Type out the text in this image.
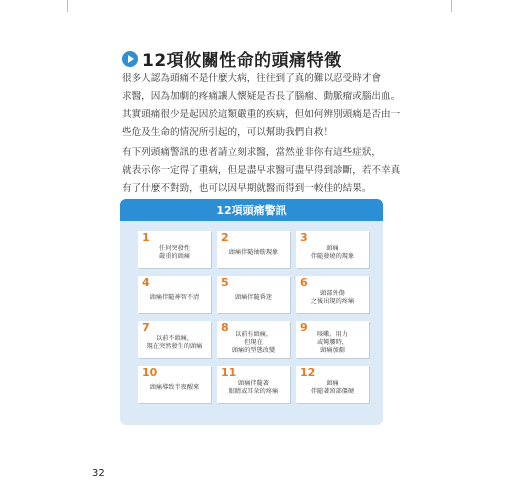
12項攸關性命的頭痛特徵

很多人認為頭痛不是什麼大病，往往到了真的難以忍受時才會

求醫，因為加劇的疼痛讓人懷疑是否長了腦瘤、動脈瘤或腦出血。

其實頭痛很少是起因於這類嚴重的疾病，但如何辨別頭痛是否由一

些危及生命的情況所引起的，可以幫助我們自救！

有下列頭痛警訊的患者請立刻求醫，當然並非你有這些症狀，

就表示你一定得了重病，但是盡早求醫可盡早得到診斷，若不幸真

有了什麼不對勁，也可以因早期就醫而得到一較佳的結果。

12項頭痛警訊
1
任何突發性
嚴重的頭痛
2
頭痛伴隨抽筋現象
3
頭痛
伴隨發燒的現象
4
頭痛伴隨神智不清
5
頭痛伴隨昏迷
6
頭部外傷
之後出現的疼痛
7
以前不頭痛，
現在突然發生的頭痛
8 以前有頭痛，
但現在
頭痛的型態改變
9 咳嗽、用力
或彎腰時，
頭痛加劇
10
頭痛導致半夜醒來
11
頭痛伴隨著
眼睛或耳朵的疼痛
12
頭痛
伴隨著頸部僵硬
32
